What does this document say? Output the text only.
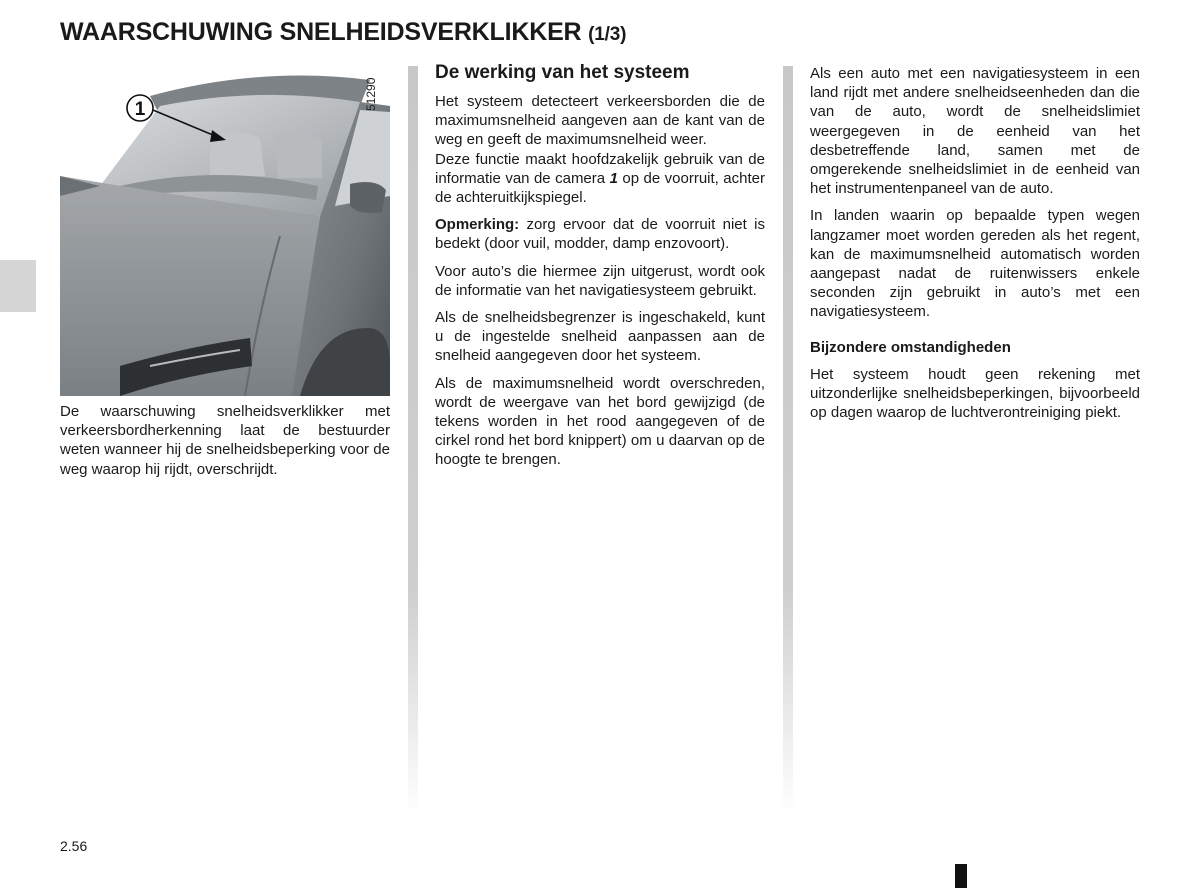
WAARSCHUWING SNELHEIDSVERKLIKKER (1/3)
1	51290
De waarschuwing snelheidsverklikker met verkeersbordherkenning laat de bestuurder weten wanneer hij de snelheidsbeperking voor de weg waarop hij rijdt, overschrijdt.
De werking van het systeem

Het systeem detecteert verkeersborden die de maximumsnelheid aangeven aan de kant van de weg en geeft de maximumsnelheid weer.

Deze functie maakt hoofdzakelijk gebruik van de informatie van de camera 1 op de voorruit, achter de achteruitkijkspiegel.

Opmerking: zorg ervoor dat de voorruit niet is bedekt (door vuil, modder, damp enzovoort).

Voor auto’s die hiermee zijn uitgerust, wordt ook de informatie van het navigatiesysteem gebruikt.

Als de snelheidsbegrenzer is ingeschakeld, kunt u de ingestelde snelheid aanpassen aan de snelheid aangegeven door het systeem.

Als de maximumsnelheid wordt overschreden, wordt de weergave van het bord gewijzigd (de tekens worden in het rood aangegeven of de cirkel rond het bord knippert) om u daarvan op de hoogte te brengen.

Als een auto met een navigatiesysteem in een land rijdt met andere snelheidseenheden dan die van de auto, wordt de snelheidslimiet weergegeven in de eenheid van het desbetreffende land, samen met de omgerekende snelheidslimiet in de eenheid van het instrumentenpaneel van de auto.

In landen waarin op bepaalde typen wegen langzamer moet worden gereden als het regent, kan de maximumsnelheid automatisch worden aangepast nadat de ruitenwissers enkele seconden zijn gebruikt in auto’s met een navigatiesysteem.

Bijzondere omstandigheden

Het systeem houdt geen rekening met uitzonderlijke snelheidsbeperkingen, bijvoorbeeld op dagen waarop de luchtverontreiniging piekt.

2.56
